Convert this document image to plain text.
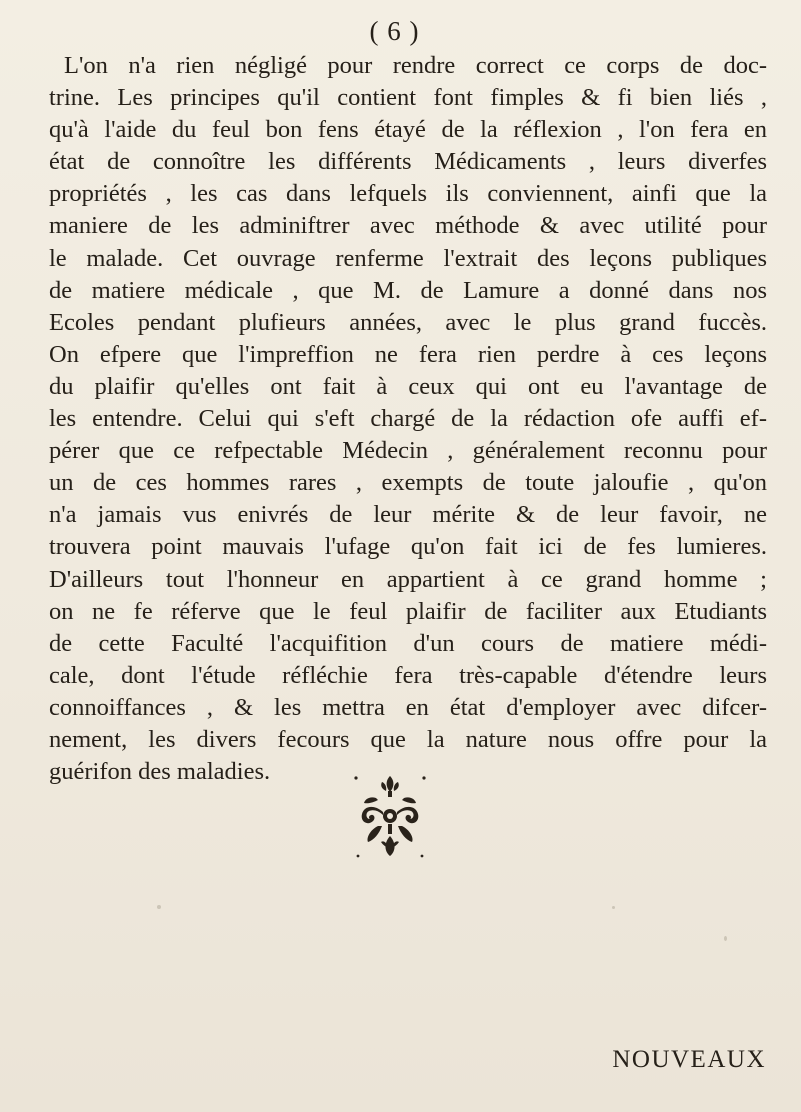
( 6 )
L'on n'a rien négligé pour rendre correct ce corps de doc-
trine. Les principes qu'il contient font fimples & fi bien liés ,
qu'à l'aide du feul bon fens étayé de la réflexion , l'on fera en
état de connoître les différents Médicaments , leurs diverfes
propriétés , les cas dans lefquels ils conviennent, ainfi que la
maniere de les adminiftrer avec méthode & avec utilité pour
le malade. Cet ouvrage renferme l'extrait des leçons publiques
de matiere médicale , que M. de Lamure a donné dans nos
Ecoles pendant plufieurs années, avec le plus grand fuccès.
On efpere que l'impreffion ne fera rien perdre à ces leçons
du plaifir qu'elles ont fait à ceux qui ont eu l'avantage de
les entendre. Celui qui s'eft chargé de la rédaction ofe auffi ef-
pérer que ce refpectable Médecin , généralement reconnu pour
un de ces hommes rares , exempts de toute jaloufie , qu'on
n'a jamais vus enivrés de leur mérite & de leur favoir, ne
trouvera point mauvais l'ufage qu'on fait ici de fes lumieres.
D'ailleurs tout l'honneur en appartient à ce grand homme ;
on ne fe réferve que le feul plaifir de faciliter aux Etudiants
de cette Faculté l'acquifition d'un cours de matiere médi-
cale, dont l'étude réfléchie fera très-capable d'étendre leurs
connoiffances , & les mettra en état d'employer avec difcer-
nement, les divers fecours que la nature nous offre pour la
guérifon des maladies.
NOUVEAUX
